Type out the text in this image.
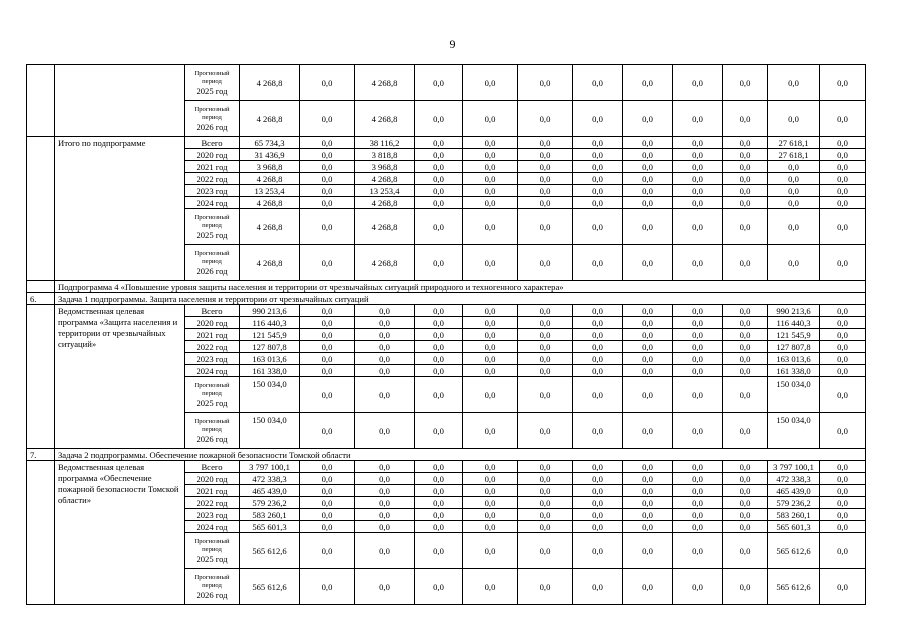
9

		Прогнозный
период
2025 год	4 268,8	0,0	4 268,8	0,0	0,0	0,0	0,0	0,0	0,0	0,0	0,0	0,0

		Прогнозный
период
2026 год	4 268,8	0,0	4 268,8	0,0	0,0	0,0	0,0	0,0	0,0	0,0	0,0	0,0
	Итого по подпрограмме	Всего	65 734,3	0,0	38 116,2	0,0	0,0	0,0	0,0	0,0	0,0	0,0	27 618,1	0,0
		2020 год	31 436,9	0,0	3 818,8	0,0	0,0	0,0	0,0	0,0	0,0	0,0	27 618,1	0,0
		2021 год	3 968,8	0,0	3 968,8	0,0	0,0	0,0	0,0	0,0	0,0	0,0	0,0	0,0
		2022 год	4 268,8	0,0	4 268,8	0,0	0,0	0,0	0,0	0,0	0,0	0,0	0,0	0,0
		2023 год	13 253,4	0,0	13 253,4	0,0	0,0	0,0	0,0	0,0	0,0	0,0	0,0	0,0
		2024 год	4 268,8	0,0	4 268,8	0,0	0,0	0,0	0,0	0,0	0,0	0,0	0,0	0,0

		Прогнозный
период
2025 год	4 268,8	0,0	4 268,8	0,0	0,0	0,0	0,0	0,0	0,0	0,0	0,0	0,0

		Прогнозный
период
2026 год	4 268,8	0,0	4 268,8	0,0	0,0	0,0	0,0	0,0	0,0	0,0	0,0	0,0
	Подпрограмма 4 «Повышение уровня защиты населения и территории от чрезвычайных ситуаций природного и техногенного характера»													
6.	Задача 1 подпрограммы. Защита населения и территории от чрезвычайных ситуаций													
	Ведомственная целевая программа «Защита населения и территории от чрезвычайных ситуаций»	Всего	990 213,6	0,0	0,0	0,0	0,0	0,0	0,0	0,0	0,0	0,0	990 213,6	0,0
		2020 год	116 440,3	0,0	0,0	0,0	0,0	0,0	0,0	0,0	0,0	0,0	116 440,3	0,0
		2021 год	121 545,9	0,0	0,0	0,0	0,0	0,0	0,0	0,0	0,0	0,0	121 545,9	0,0
		2022 год	127 807,8	0,0	0,0	0,0	0,0	0,0	0,0	0,0	0,0	0,0	127 807,8	0,0
		2023 год	163 013,6	0,0	0,0	0,0	0,0	0,0	0,0	0,0	0,0	0,0	163 013,6	0,0
		2024 год	161 338,0	0,0	0,0	0,0	0,0	0,0	0,0	0,0	0,0	0,0	161 338,0	0,0

		Прогнозный
период
2025 год	150 034,0	0,0	0,0	0,0	0,0	0,0	0,0	0,0	0,0	0,0	150 034,0	0,0

		Прогнозный
период
2026 год	150 034,0	0,0	0,0	0,0	0,0	0,0	0,0	0,0	0,0	0,0	150 034,0	0,0
7.	Задача 2 подпрограммы. Обеспечение пожарной безопасности Томской области													
	Ведомственная целевая программа «Обеспечение пожарной безопасности Томской области»	Всего	3 797 100,1	0,0	0,0	0,0	0,0	0,0	0,0	0,0	0,0	0,0	3 797 100,1	0,0
		2020 год	472 338,3	0,0	0,0	0,0	0,0	0,0	0,0	0,0	0,0	0,0	472 338,3	0,0
		2021 год	465 439,0	0,0	0,0	0,0	0,0	0,0	0,0	0,0	0,0	0,0	465 439,0	0,0
		2022 год	579 236,2	0,0	0,0	0,0	0,0	0,0	0,0	0,0	0,0	0,0	579 236,2	0,0
		2023 год	583 260,1	0,0	0,0	0,0	0,0	0,0	0,0	0,0	0,0	0,0	583 260,1	0,0
		2024 год	565 601,3	0,0	0,0	0,0	0,0	0,0	0,0	0,0	0,0	0,0	565 601,3	0,0

		Прогнозный
период
2025 год	565 612,6	0,0	0,0	0,0	0,0	0,0	0,0	0,0	0,0	0,0	565 612,6	0,0

		Прогнозный
период
2026 год	565 612,6	0,0	0,0	0,0	0,0	0,0	0,0	0,0	0,0	0,0	565 612,6	0,0
